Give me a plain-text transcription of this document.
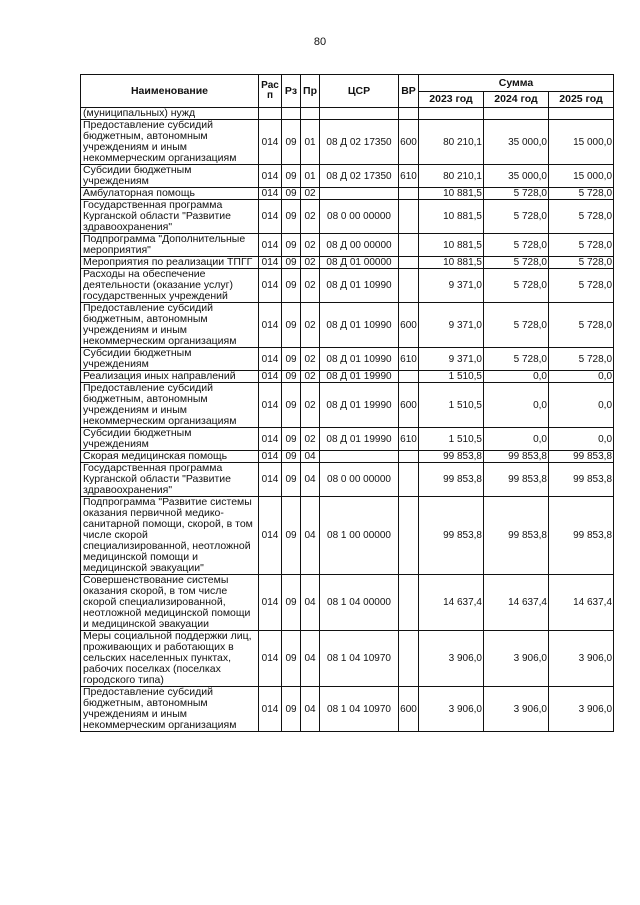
80
Наименование	Рас п	Рз	Пр	ЦСР	ВР	Сумма		
						2023 год	2024 год	2025 год
(муниципальных) нужд								
Предоставление субсидий бюджетным, автономным учреждениям и иным некоммерческим организациям	014	09	01	08 Д 02 17350	600	80 210,1	35 000,0	15 000,0
Субсидии бюджетным учреждениям	014	09	01	08 Д 02 17350	610	80 210,1	35 000,0	15 000,0
Амбулаторная помощь	014	09	02			10 881,5	5 728,0	5 728,0
Государственная программа Курганской области "Развитие здравоохранения"	014	09	02	08 0 00 00000		10 881,5	5 728,0	5 728,0
Подпрограмма "Дополнительные мероприятия"	014	09	02	08 Д 00 00000		10 881,5	5 728,0	5 728,0
Мероприятия по реализации ТПГГ	014	09	02	08 Д 01 00000		10 881,5	5 728,0	5 728,0
Расходы на обеспечение деятельности (оказание услуг) государственных учреждений	014	09	02	08 Д 01 10990		9 371,0	5 728,0	5 728,0
Предоставление субсидий бюджетным, автономным учреждениям и иным некоммерческим организациям	014	09	02	08 Д 01 10990	600	9 371,0	5 728,0	5 728,0
Субсидии бюджетным учреждениям	014	09	02	08 Д 01 10990	610	9 371,0	5 728,0	5 728,0
Реализация иных направлений	014	09	02	08 Д 01 19990		1 510,5	0,0	0,0
Предоставление субсидий бюджетным, автономным учреждениям и иным некоммерческим организациям	014	09	02	08 Д 01 19990	600	1 510,5	0,0	0,0
Субсидии бюджетным учреждениям	014	09	02	08 Д 01 19990	610	1 510,5	0,0	0,0
Скорая медицинская помощь	014	09	04			99 853,8	99 853,8	99 853,8
Государственная программа Курганской области "Развитие здравоохранения"	014	09	04	08 0 00 00000		99 853,8	99 853,8	99 853,8
Подпрограмма "Развитие системы оказания первичной медико-санитарной помощи, скорой, в том числе скорой специализированной, неотложной медицинской помощи и медицинской эвакуации"	014	09	04	08 1 00 00000		99 853,8	99 853,8	99 853,8
Совершенствование системы оказания скорой, в том числе скорой специализированной, неотложной медицинской помощи и медицинской эвакуации	014	09	04	08 1 04 00000		14 637,4	14 637,4	14 637,4
Меры социальной поддержки лиц, проживающих и работающих в сельских населенных пунктах, рабочих поселках (поселках городского типа)	014	09	04	08 1 04 10970		3 906,0	3 906,0	3 906,0
Предоставление субсидий бюджетным, автономным учреждениям и иным некоммерческим организациям	014	09	04	08 1 04 10970	600	3 906,0	3 906,0	3 906,0
